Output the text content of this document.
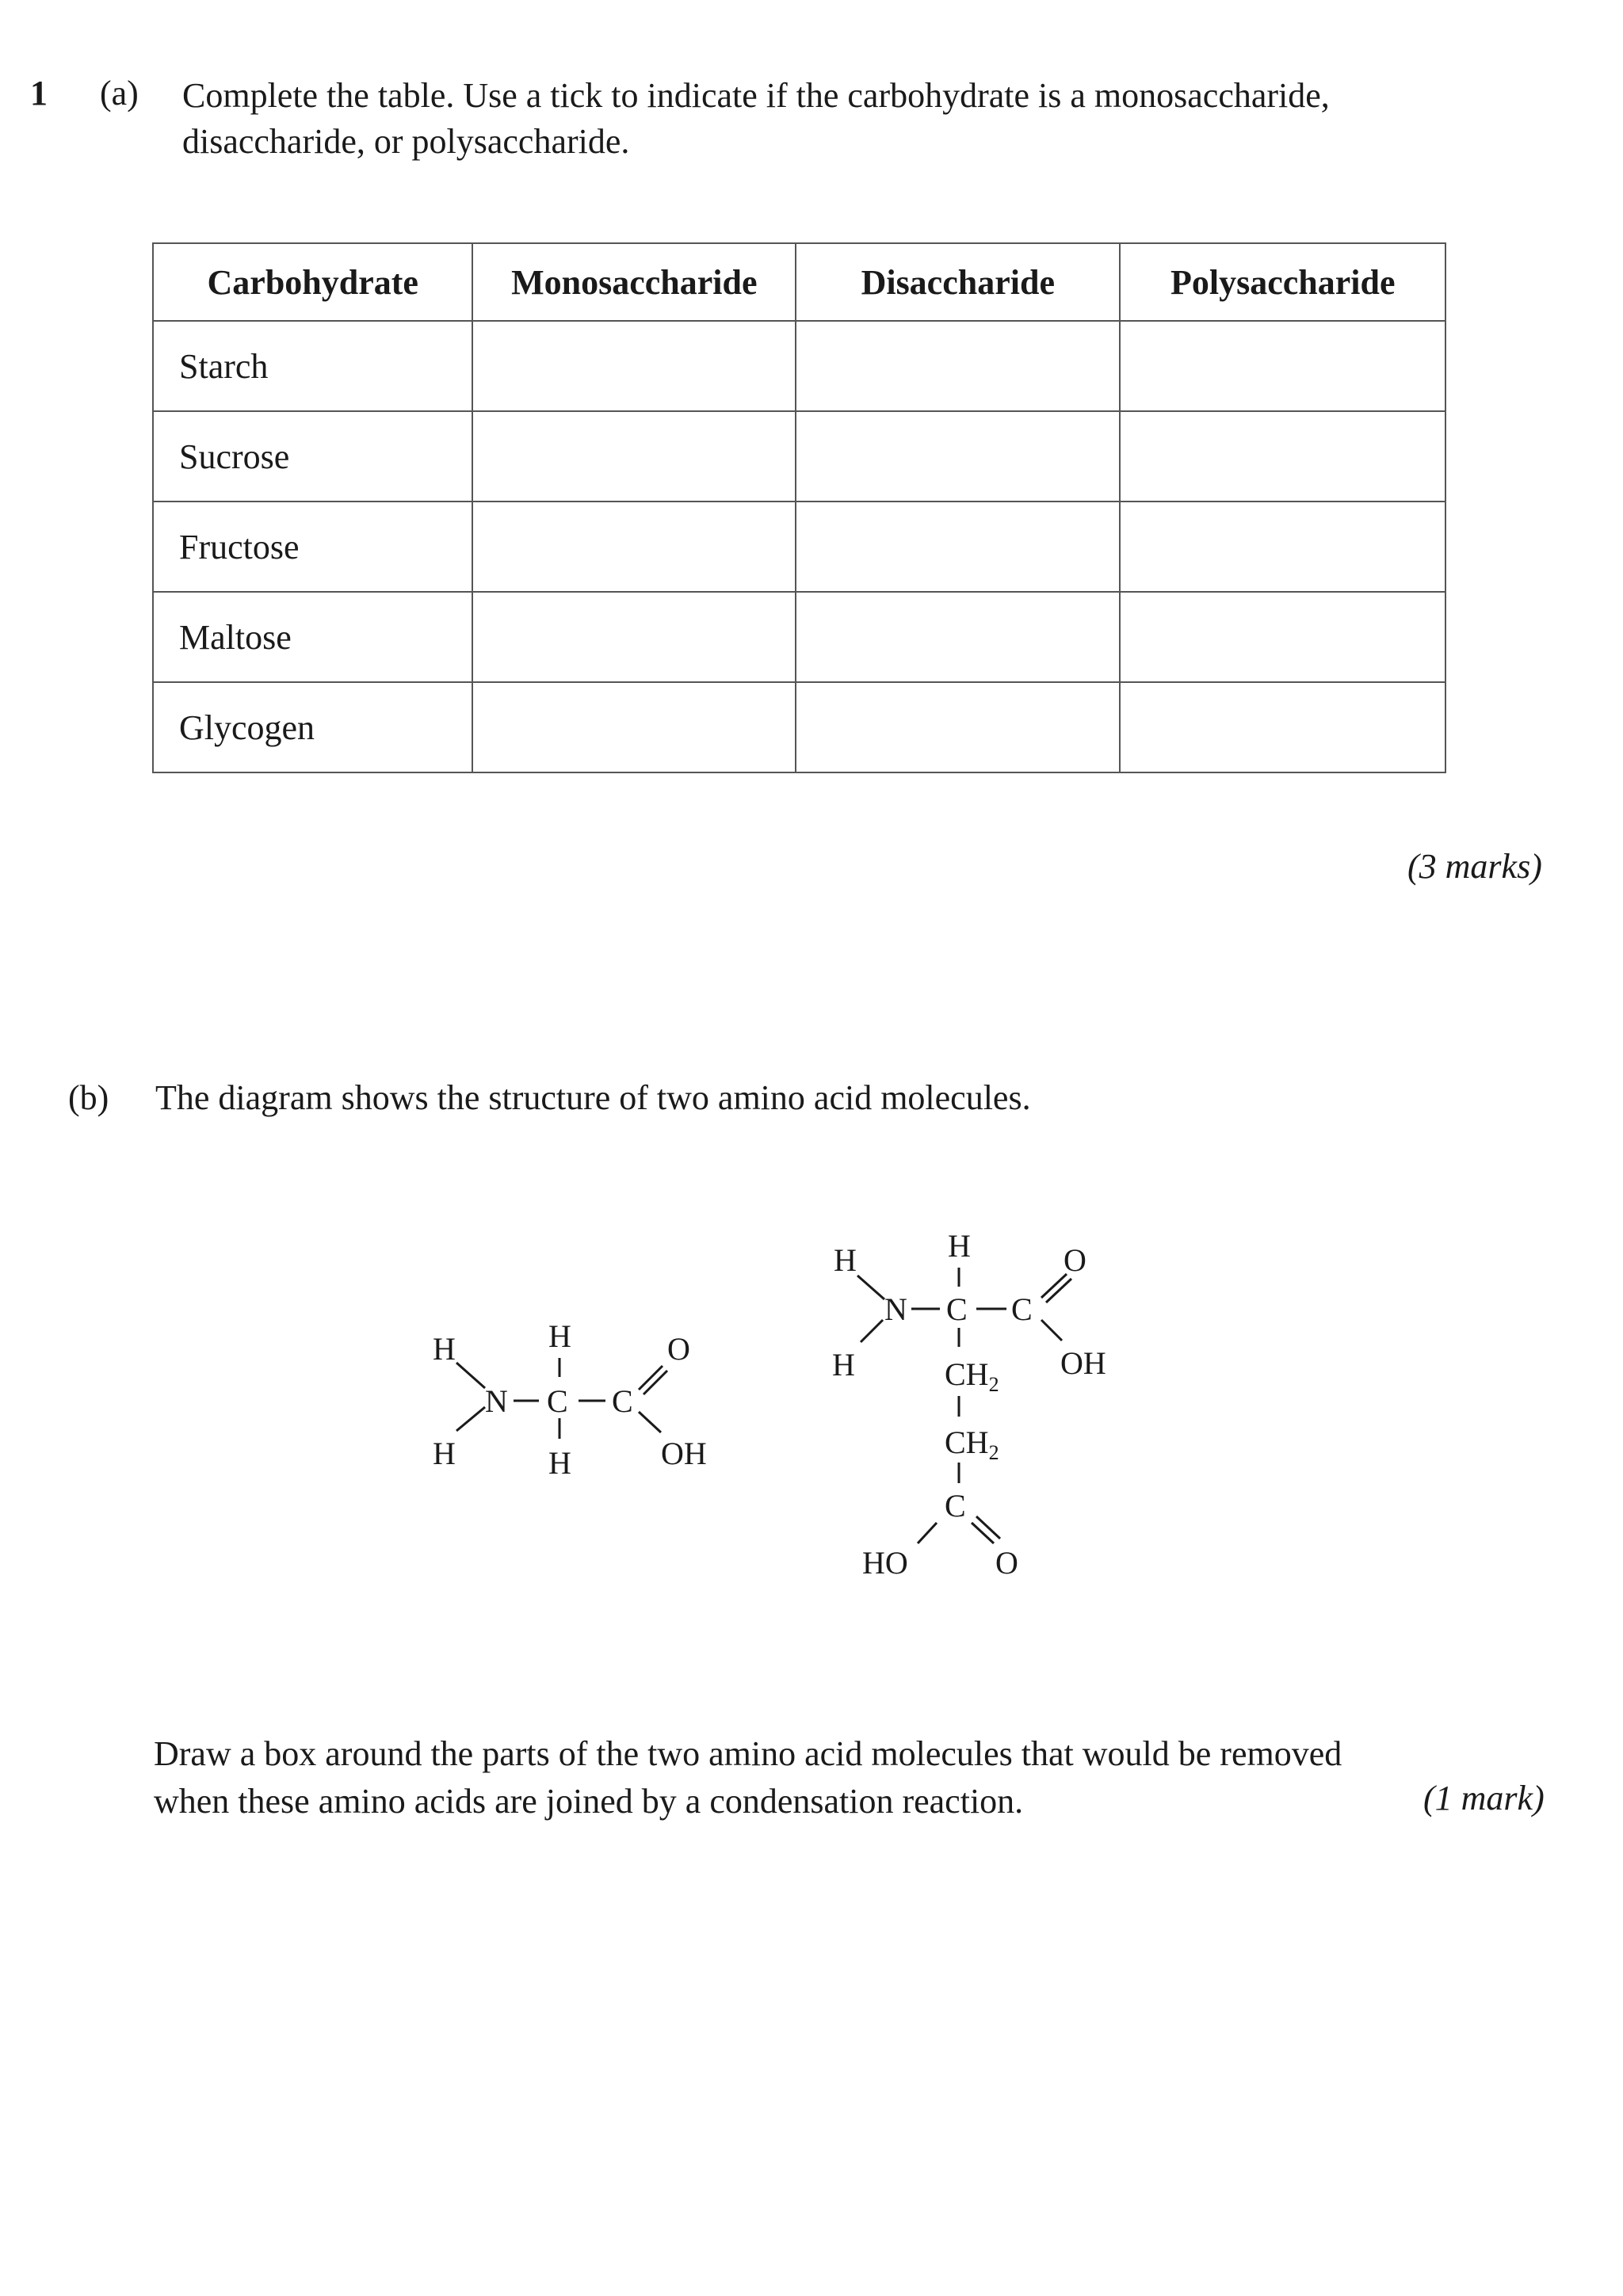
1 (a) Complete the table. Use a tick to indicate if the carbohydrate is a monosaccharide,
disaccharide, or polysaccharide.
Carbohydrate	Monosaccharide	Disaccharide	Polysaccharide
Starch			
Sucrose			
Fructose			
Maltose			
Glycogen			
(3 marks)
(b) The diagram shows the structure of two amino acid molecules.
H
H
N
H
C
H
C
O
OH
H
H
N
H
C C
O
OH
$CH_2$
$CH_2$
C
HO	O
Draw a box around the parts of the two amino acid molecules that would be removed
when these amino acids are joined by a condensation reaction.	(1 mark)
